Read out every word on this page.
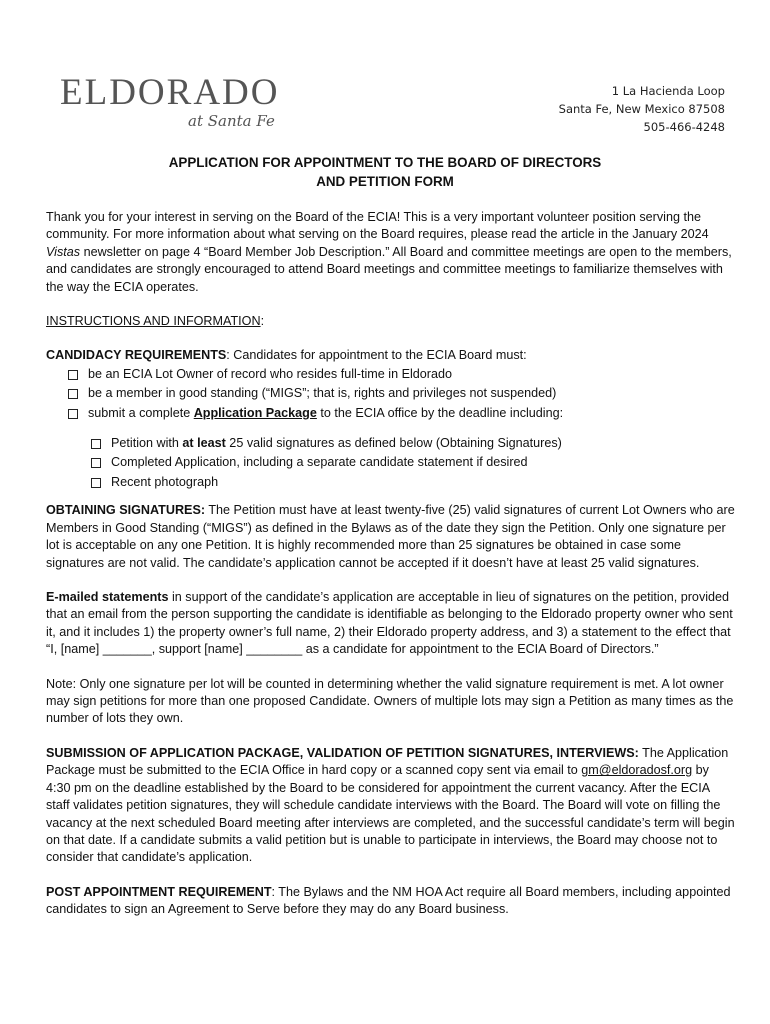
ELDORADO
at Santa Fe
1 La Hacienda Loop
Santa Fe, New Mexico 87508
505-466-4248
APPLICATION FOR APPOINTMENT TO THE BOARD OF DIRECTORS
AND PETITION FORM

Thank you for your interest in serving on the Board of the ECIA! This is a very important volunteer position serving the community. For more information about what serving on the Board requires, please read the article in the January 2024 Vistas newsletter on page 4 “Board Member Job Description.” All Board and committee meetings are open to the members, and candidates are strongly encouraged to attend Board meetings and committee meetings to familiarize themselves with the way the ECIA operates.

INSTRUCTIONS AND INFORMATION:

CANDIDACY REQUIREMENTS: Candidates for appointment to the ECIA Board must:

be an ECIA Lot Owner of record who resides full-time in Eldorado
be a member in good standing (“MIGS”; that is, rights and privileges not suspended)
submit a complete Application Package to the ECIA office by the deadline including:
Petition with at least 25 valid signatures as defined below (Obtaining Signatures)
Completed Application, including a separate candidate statement if desired
Recent photograph

OBTAINING SIGNATURES: The Petition must have at least twenty-five (25) valid signatures of current Lot Owners who are Members in Good Standing (“MIGS”) as defined in the Bylaws as of the date they sign the Petition. Only one signature per lot is acceptable on any one Petition. It is highly recommended more than 25 signatures be obtained in case some signatures are not valid. The candidate’s application cannot be accepted if it doesn’t have at least 25 valid signatures.

E-mailed statements in support of the candidate’s application are acceptable in lieu of signatures on the petition, provided that an email from the person supporting the candidate is identifiable as belonging to the Eldorado property owner who sent it, and it includes 1) the property owner’s full name, 2) their Eldorado property address, and 3) a statement to the effect that “I, [name] _______, support [name] ________ as a candidate for appointment to the ECIA Board of Directors.”

Note: Only one signature per lot will be counted in determining whether the valid signature requirement is met. A lot owner may sign petitions for more than one proposed Candidate. Owners of multiple lots may sign a Petition as many times as the number of lots they own.

SUBMISSION OF APPLICATION PACKAGE, VALIDATION OF PETITION SIGNATURES, INTERVIEWS: The Application Package must be submitted to the ECIA Office in hard copy or a scanned copy sent via email to gm@eldoradosf.org by 4:30 pm on the deadline established by the Board to be considered for appointment the current vacancy. After the ECIA staff validates petition signatures, they will schedule candidate interviews with the Board. The Board will vote on filling the vacancy at the next scheduled Board meeting after interviews are completed, and the successful candidate’s term will begin on that date. If a candidate submits a valid petition but is unable to participate in interviews, the Board may choose not to consider that candidate’s application.

POST APPOINTMENT REQUIREMENT: The Bylaws and the NM HOA Act require all Board members, including appointed candidates to sign an Agreement to Serve before they may do any Board business.
